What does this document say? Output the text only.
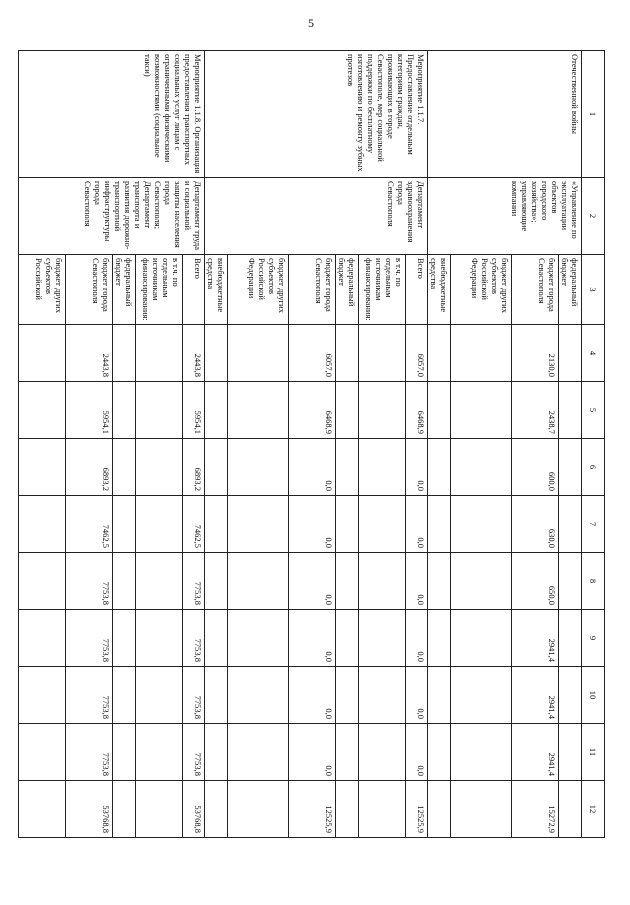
5
1	2	3	4	5	6	7	8	9	10	11	12
Отечественной войны	«Управление по эксплуатации объектов городского хозяйства»; управляющие компании	федеральный бюджет									
		бюджет города Севастополя	2130,0	2438,7	600,0	630,0	650,0	2941,4	2941,4	2941,4	15272,9
		бюджет других субъектов Российской Федерации									
		внебюджетные средства									
Мероприятие 1.1.7. Предоставление отдельным категориям граждан, проживающих в городе Севастополе, мер социальной поддержки по бесплатному изготовлению и ремонту зубных протезов	Департамент здравоохранения города Севастополя	Всего	6057,0	6468,9	0,0	0,0	0,0	0,0	0,0	0,0	12525,9
		в т.ч. по отдельным источникам финансирования:									
		федеральный бюджет									
		бюджет города Севастополя	6057,0	6468,9	0,0	0,0	0,0	0,0	0,0	0,0	12525,9
		бюджет других субъектов Российской Федерации									
		внебюджетные средства									
Мероприятие 1.1.8. Организация предоставления транспортных социальных услуг лицам с ограниченными физическими возможностями (социальное такси)	Департамент труда и социальной защиты населения города Севастополя; Департамент транспорта и развития дорожно-транспортной инфраструктуры города Севастополя	Всего	2443,8	5954,1	6893,2	7462,5	7753,8	7753,8	7753,8	7753,8	53768,8
		в т.ч. по отдельным источникам финансирования:									
		федеральный бюджет									
		бюджет города Севастополя	2443,8	5954,1	6893,2	7462,5	7753,8	7753,8	7753,8	7753,8	53768,8
		бюджет других субъектов Российской									
